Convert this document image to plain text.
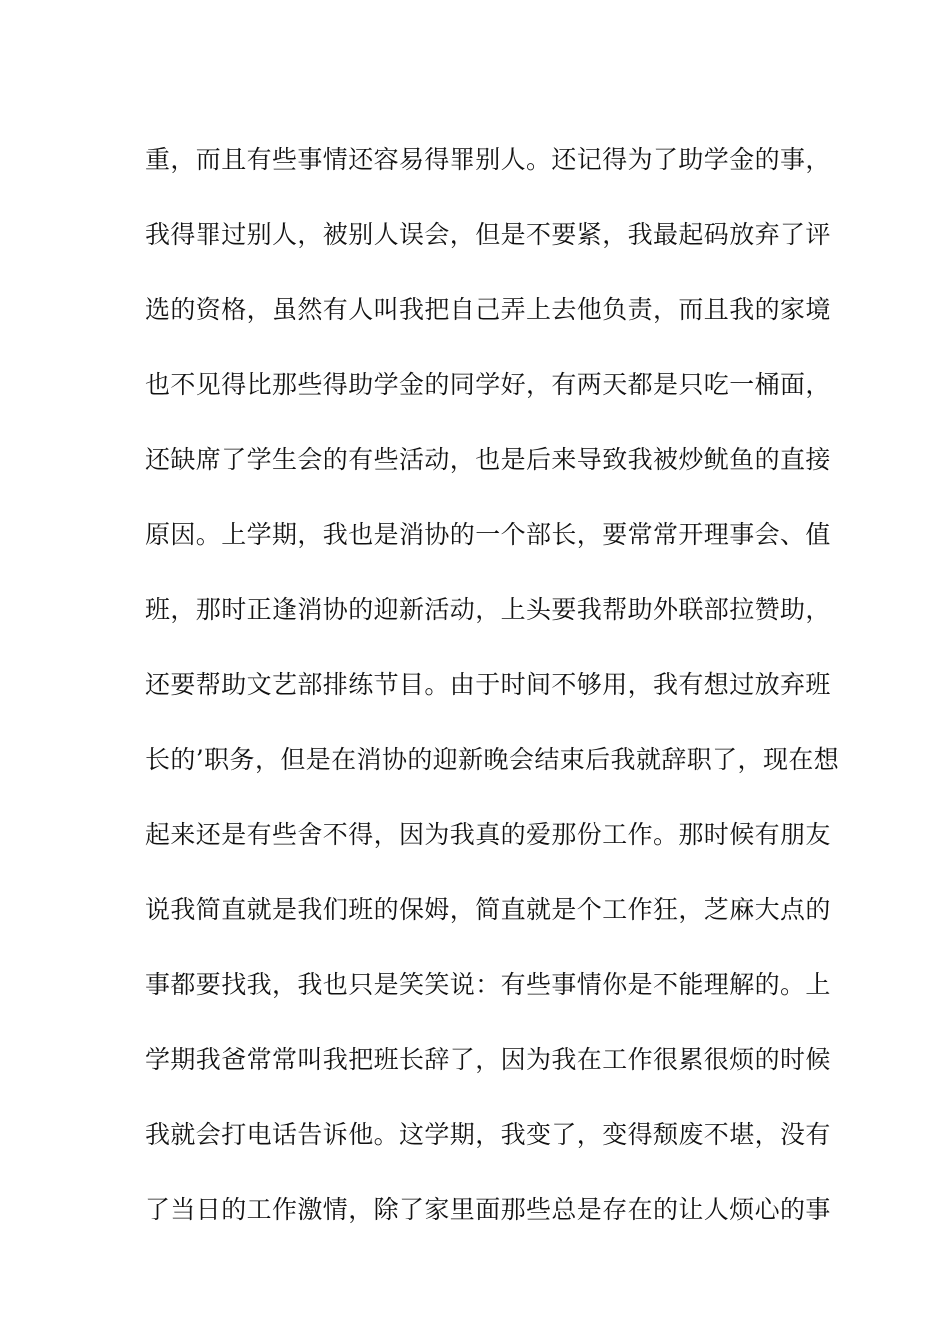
重，而且有些事情还容易得罪别人。还记得为了助学金的事，
我得罪过别人，被别人误会，但是不要紧，我最起码放弃了评
选的资格，虽然有人叫我把自己弄上去他负责，而且我的家境
也不见得比那些得助学金的同学好，有两天都是只吃一桶面，
还缺席了学生会的有些活动，也是后来导致我被炒鱿鱼的直接
原因。上学期，我也是消协的一个部长，要常常开理事会、值
班，那时正逢消协的迎新活动，上头要我帮助外联部拉赞助，
还要帮助文艺部排练节目。由于时间不够用，我有想过放弃班
长的’职务，但是在消协的迎新晚会结束后我就辞职了，现在想
起来还是有些舍不得，因为我真的爱那份工作。那时候有朋友
说我简直就是我们班的保姆，简直就是个工作狂，芝麻大点的
事都要找我，我也只是笑笑说：有些事情你是不能理解的。上
学期我爸常常叫我把班长辞了，因为我在工作很累很烦的时候
我就会打电话告诉他。这学期，我变了，变得颓废不堪，没有
了当日的工作激情，除了家里面那些总是存在的让人烦心的事
